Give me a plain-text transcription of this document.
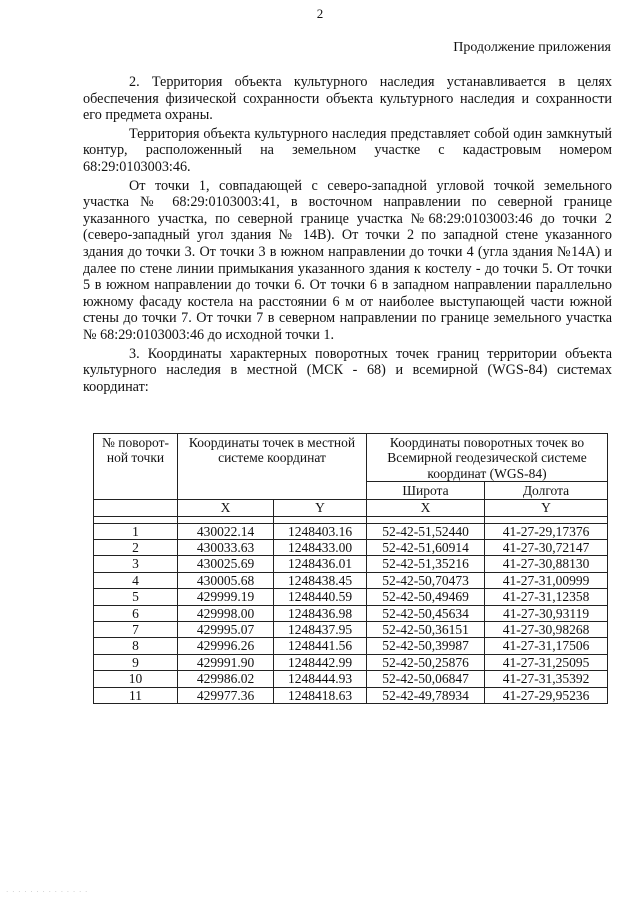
2
Продолжение приложения

2. Территория объекта культурного наследия устанавливается в целях обеспечения физической сохранности объекта культурного наследия и сохранности его предмета охраны.

Территория объекта культурного наследия представляет собой один замкнутый контур, расположенный на земельном участке с кадастровым номером 68:29:0103003:46.

От точки 1, совпадающей с северо-западной угловой точкой земельного участка № 68:29:0103003:41, в восточном направлении по северной границе указанного участка, по северной границе участка №68:29:0103003:46 до точки 2 (северо-западный угол здания № 14В). От точки 2 по западной стене указанного здания до точки 3. От точки 3 в южном направлении до точки 4 (угла здания №14А) и далее по стене линии примыкания указанного здания к костелу - до точки 5. От точки 5 в южном направлении до точки 6. От точки 6 в западном направлении параллельно южному фасаду костела на расстоянии 6 м от наиболее выступающей части южной стены до точки 7. От точки 7 в северном направлении по границе земельного участка № 68:29:0103003:46 до исходной точки 1.

3. Координаты характерных поворотных точек границ территории объекта культурного наследия в местной (МСК - 68) и всемирной (WGS-84) системах координат:

№ поворот-ной точки	Координаты точек в местной системе координат		Координаты поворотных точек во Всемирной геодезической системе координат (WGS-84)	
			Широта	Долгота
	X	Y	X	Y

1	430022.14	1248403.16	52-42-51,52440	41-27-29,17376
2	430033.63	1248433.00	52-42-51,60914	41-27-30,72147
3	430025.69	1248436.01	52-42-51,35216	41-27-30,88130
4	430005.68	1248438.45	52-42-50,70473	41-27-31,00999
5	429999.19	1248440.59	52-42-50,49469	41-27-31,12358
6	429998.00	1248436.98	52-42-50,45634	41-27-30,93119
7	429995.07	1248437.95	52-42-50,36151	41-27-30,98268
8	429996.26	1248441.56	52-42-50,39987	41-27-31,17506
9	429991.90	1248442.99	52-42-50,25876	41-27-31,25095
10	429986.02	1248444.93	52-42-50,06847	41-27-31,35392
11	429977.36	1248418.63	52-42-49,78934	41-27-29,95236
· · · · · · · · · · · · · ·
